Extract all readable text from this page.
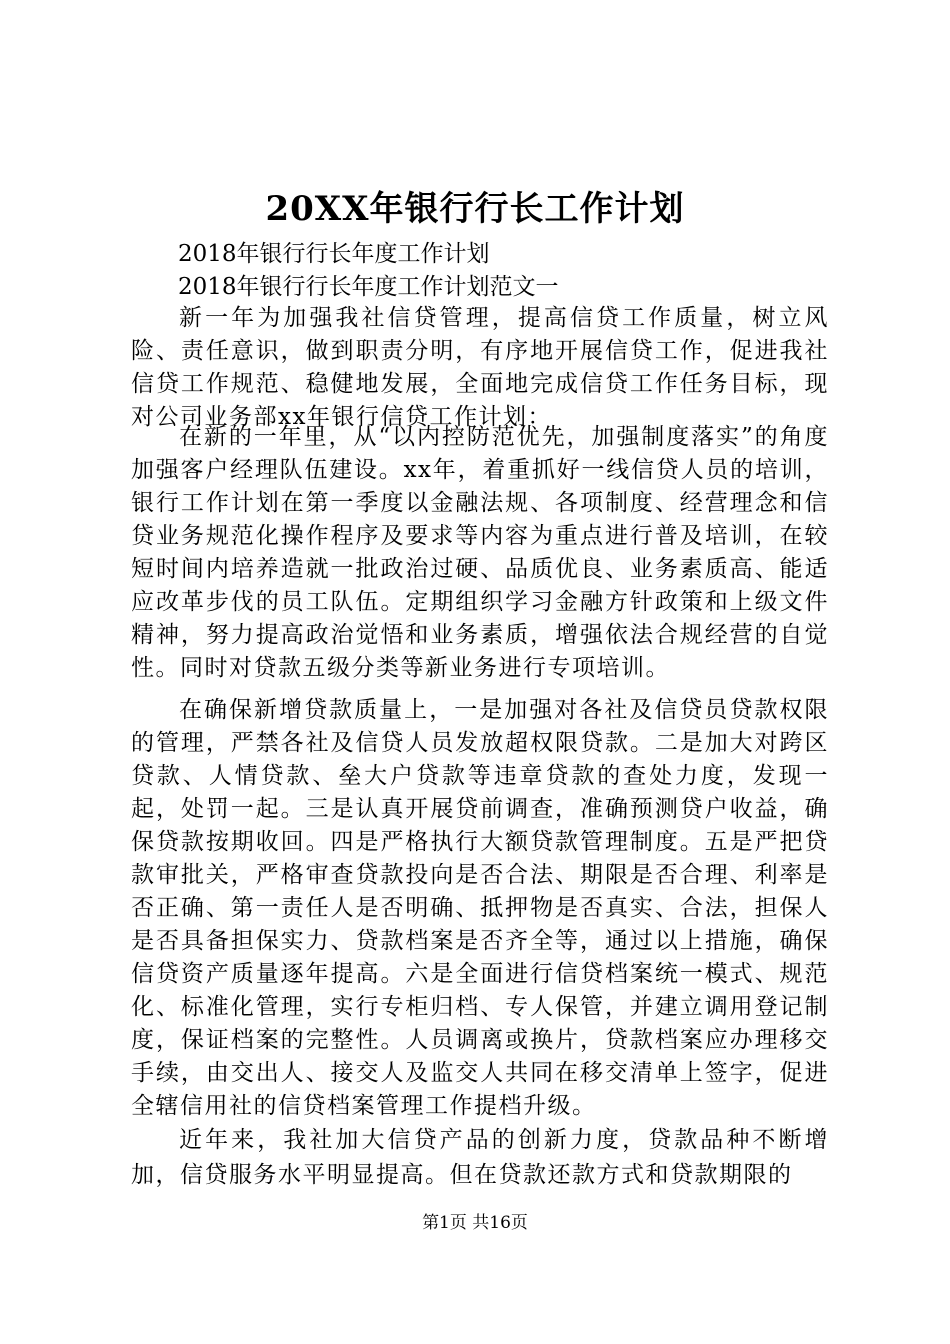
20XX年银行行长工作计划
2018年银行行长年度工作计划
2018年银行行长年度工作计划范文一

新一年为加强我社信贷管理，提高信贷工作质量，树立风险、责任意识，做到职责分明，有序地开展信贷工作，促进我社信贷工作规范、稳健地发展，全面地完成信贷工作任务目标，现对公司业务部xx年银行信贷工作计划：

在新的一年里，从“以内控防范优先，加强制度落实”的角度加强客户经理队伍建设。xx年，着重抓好一线信贷人员的培训，银行工作计划在第一季度以金融法规、各项制度、经营理念和信贷业务规范化操作程序及要求等内容为重点进行普及培训，在较短时间内培养造就一批政治过硬、品质优良、业务素质高、能适应改革步伐的员工队伍。定期组织学习金融方针政策和上级文件精神，努力提高政治觉悟和业务素质，增强依法合规经营的自觉性。同时对贷款五级分类等新业务进行专项培训。

在确保新增贷款质量上，一是加强对各社及信贷员贷款权限的管理，严禁各社及信贷人员发放超权限贷款。二是加大对跨区贷款、人情贷款、垒大户贷款等违章贷款的查处力度，发现一起，处罚一起。三是认真开展贷前调查，准确预测贷户收益，确保贷款按期收回。四是严格执行大额贷款管理制度。五是严把贷款审批关，严格审查贷款投向是否合法、期限是否合理、利率是否正确、第一责任人是否明确、抵押物是否真实、合法，担保人是否具备担保实力、贷款档案是否齐全等，通过以上措施，确保信贷资产质量逐年提高。六是全面进行信贷档案统一模式、规范化、标准化管理，实行专柜归档、专人保管，并建立调用登记制度，保证档案的完整性。人员调离或换片，贷款档案应办理移交手续，由交出人、接交人及监交人共同在移交清单上签字，促进全辖信用社的信贷档案管理工作提档升级。

近年来，我社加大信贷产品的创新力度，贷款品种不断增加，信贷服务水平明显提高。但在贷款还款方式和贷款期限的

第1页 共16页
